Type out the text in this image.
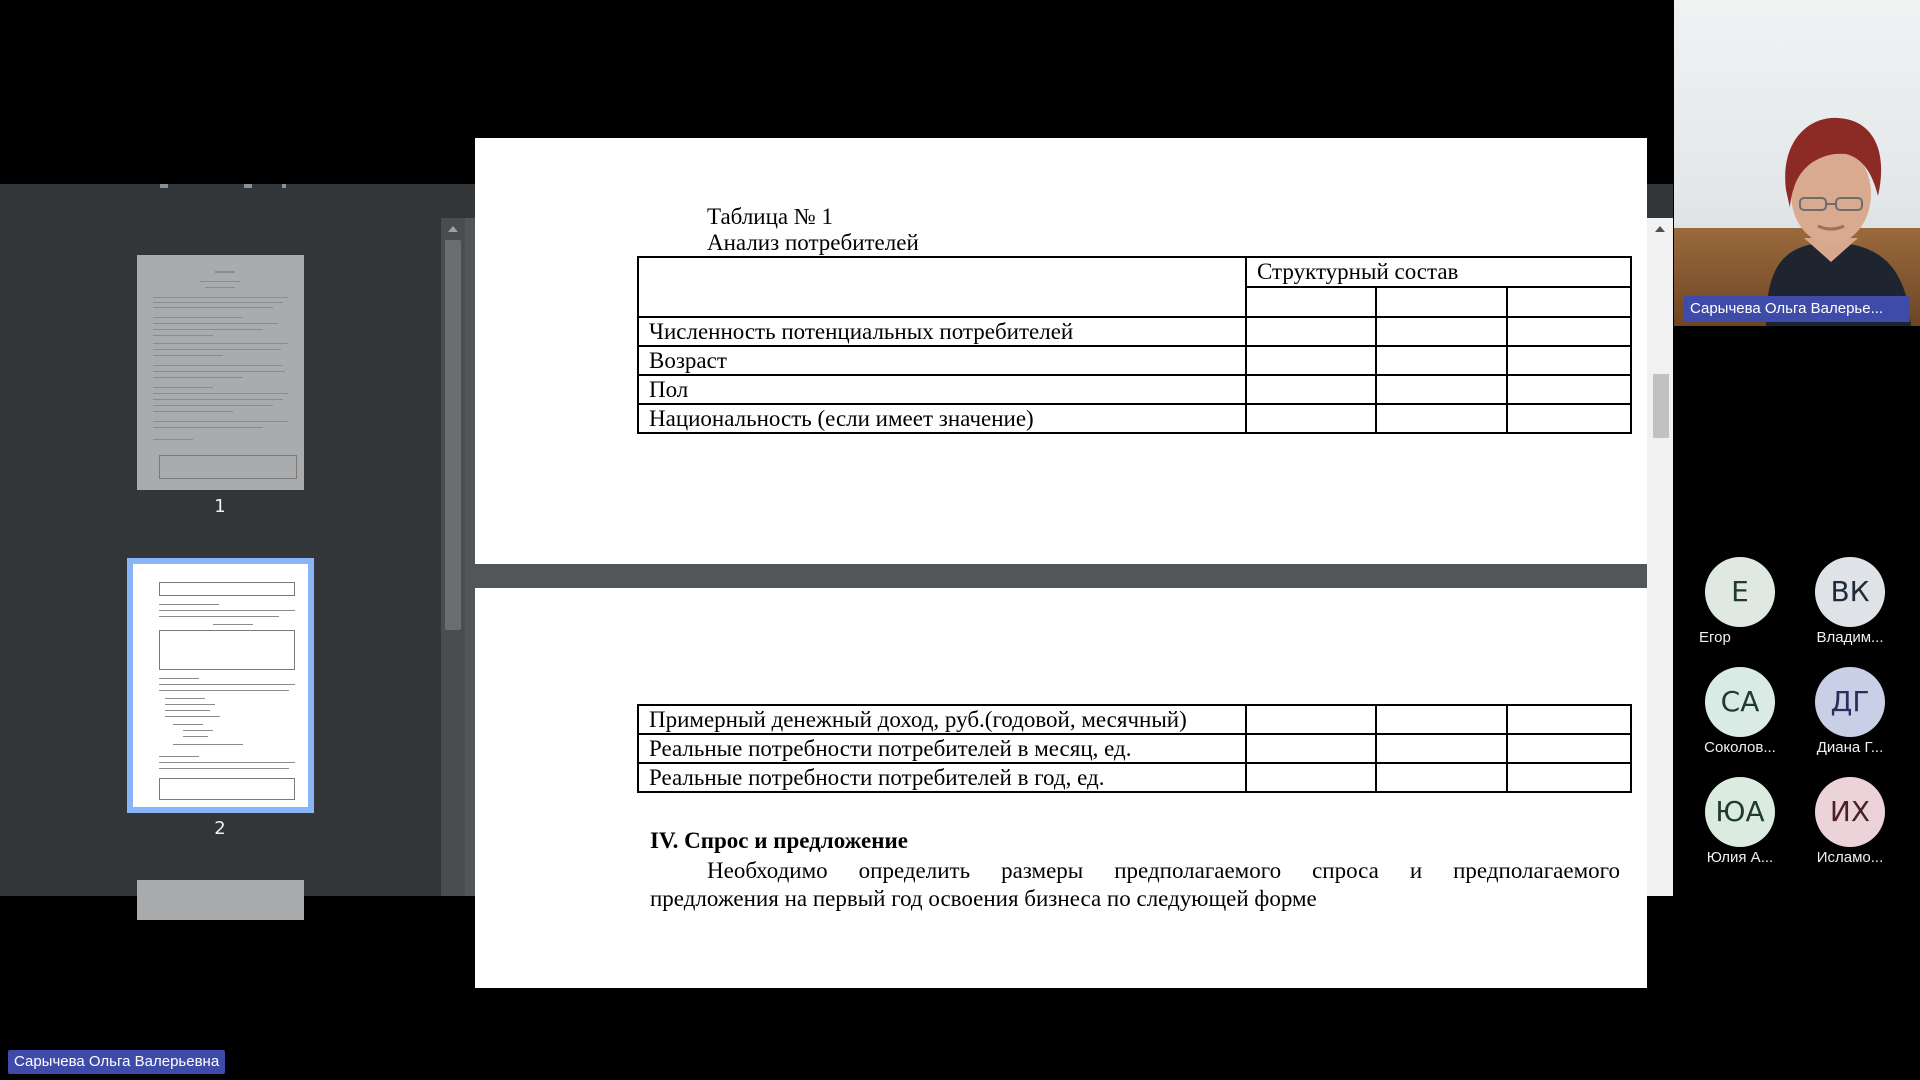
1
2
Таблица № 1
Анализ потребителей
	Структурный состав		

Численность потенциальных потребителей			
Возраст			
Пол			
Национальность (если имеет значение)			
Примерный денежный доход, руб.(годовой, месячный)			
Реальные потребности потребителей в месяц, ед.			
Реальные потребности потребителей в год, ед.			
IV. Спрос и предложение
Необходимо определить размеры предполагаемого спроса и предполагаемого
предложения на первый год освоения бизнеса по следующей форме
Сарычева Ольга Валерье...
Е
Егор
ВК
Владим...
СА
Соколов...
ДГ
Диана Г...
ЮА
Юлия А...
ИХ
Исламо...
Сарычева Ольга Валерьевна
